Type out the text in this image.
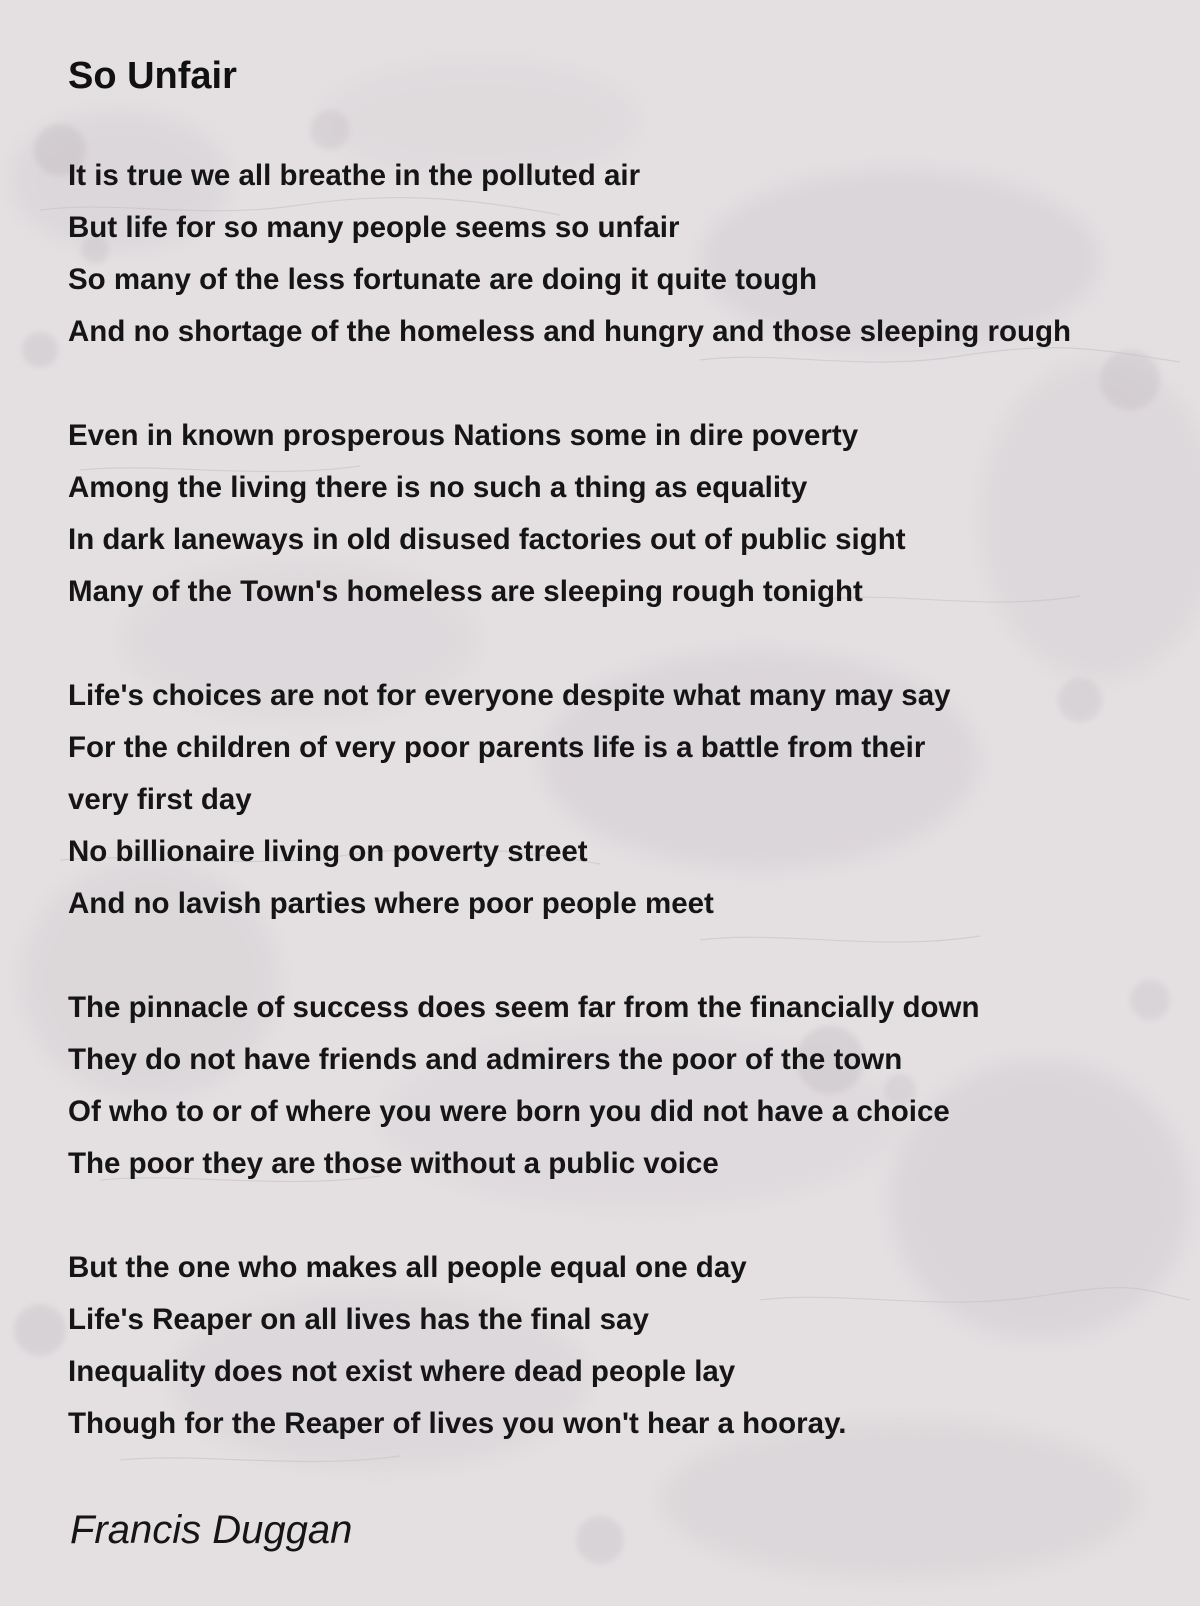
So Unfair
It is true we all breathe in the polluted air
But life for so many people seems so unfair
So many of the less fortunate are doing it quite tough
And no shortage of the homeless and hungry and those sleeping rough
Even in known prosperous Nations some in dire poverty
Among the living there is no such a thing as equality
In dark laneways in old disused factories out of public sight
Many of the Town's homeless are sleeping rough tonight
Life's choices are not for everyone despite what many may say
For the children of very poor parents life is a battle from their
very first day
No billionaire living on poverty street
And no lavish parties where poor people meet
The pinnacle of success does seem far from the financially down
They do not have friends and admirers the poor of the town
Of who to or of where you were born you did not have a choice
The poor they are those without a public voice
But the one who makes all people equal one day
Life's Reaper on all lives has the final say
Inequality does not exist where dead people lay
Though for the Reaper of lives you won't hear a hooray.
Francis Duggan
